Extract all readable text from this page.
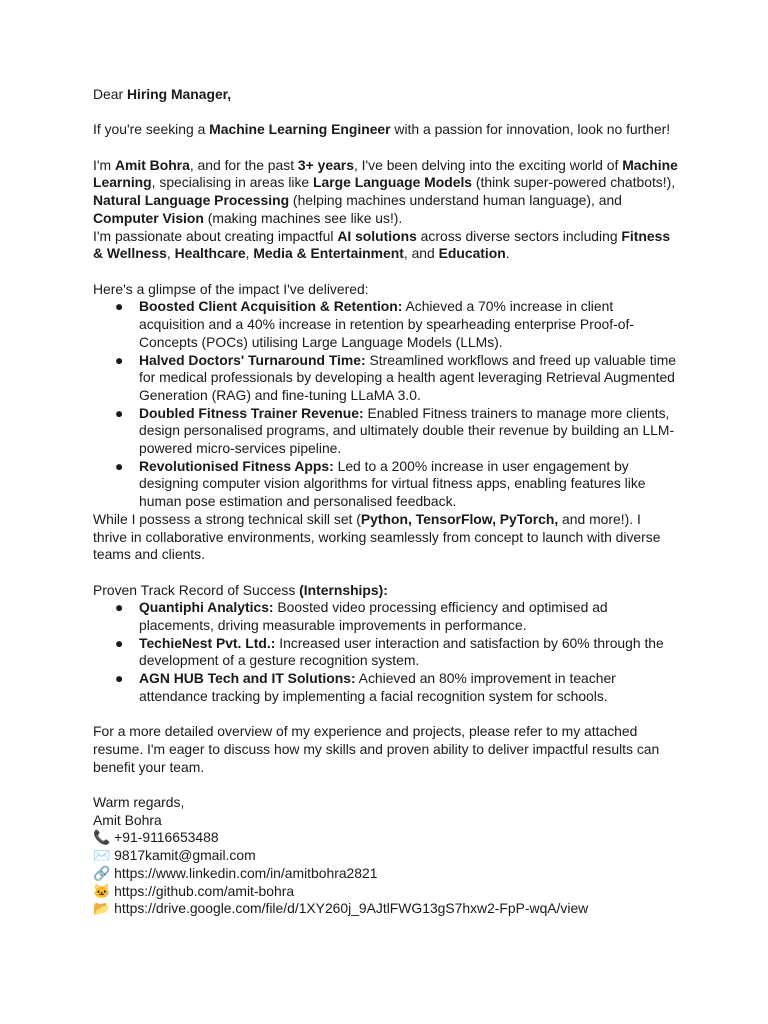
Dear Hiring Manager,

If you're seeking a Machine Learning Engineer with a passion for innovation, look no further!

I'm Amit Bohra, and for the past 3+ years, I've been delving into the exciting world of Machine Learning, specialising in areas like Large Language Models (think super-powered chatbots!), Natural Language Processing (helping machines understand human language), and Computer Vision (making machines see like us!).

I'm passionate about creating impactful AI solutions across diverse sectors including Fitness & Wellness, Healthcare, Media & Entertainment, and Education.

Here's a glimpse of the impact I've delivered:

● Boosted Client Acquisition & Retention: Achieved a 70% increase in client acquisition and a 40% increase in retention by spearheading enterprise Proof-of-Concepts (POCs) utilising Large Language Models (LLMs).
● Halved Doctors' Turnaround Time: Streamlined workflows and freed up valuable time for medical professionals by developing a health agent leveraging Retrieval Augmented Generation (RAG) and fine-tuning LLaMA 3.0.
● Doubled Fitness Trainer Revenue: Enabled Fitness trainers to manage more clients, design personalised programs, and ultimately double their revenue by building an LLM-powered micro-services pipeline.
● Revolutionised Fitness Apps: Led to a 200% increase in user engagement by designing computer vision algorithms for virtual fitness apps, enabling features like human pose estimation and personalised feedback.

While I possess a strong technical skill set (Python, TensorFlow, PyTorch, and more!). I thrive in collaborative environments, working seamlessly from concept to launch with diverse teams and clients.

Proven Track Record of Success (Internships):

● Quantiphi Analytics: Boosted video processing efficiency and optimised ad placements, driving measurable improvements in performance.
● TechieNest Pvt. Ltd.: Increased user interaction and satisfaction by 60% through the development of a gesture recognition system.
● AGN HUB Tech and IT Solutions: Achieved an 80% improvement in teacher attendance tracking by implementing a facial recognition system for schools.

For a more detailed overview of my experience and projects, please refer to my attached resume. I'm eager to discuss how my skills and proven ability to deliver impactful results can benefit your team.

Warm regards,

Amit Bohra

📞 +91-9116653488

✉️ 9817kamit@gmail.com

🔗 https://www.linkedin.com/in/amitbohra2821

🐱 https://github.com/amit-bohra

📂 https://drive.google.com/file/d/1XY260j_9AJtlFWG13gS7hxw2-FpP-wqA/view
